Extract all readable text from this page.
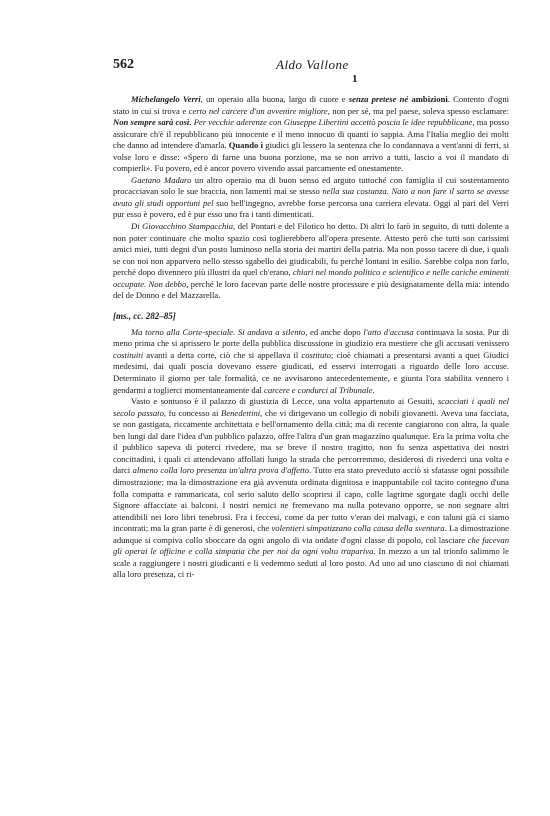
562	Aldo Vallone
1

Michelangelo Verri, un operaio alla buona, largo di cuore e senza pretese né ambizioni. Contento d'ogni stato in cui si trova e certo nel carcere d'un avvenire migliore, non per sé, ma pel paese, soleva spesso esclamare: Non sempre sarà così. Per vecchie aderenze con Giuseppe Libertini accettò poscia le idee repubblicane, ma posso assicurare ch'è il repubblicano più innocente e il meno innocuo di quanti io sappia. Ama l'Italia meglio dei molti che danno ad intendere d'amarla. Quando i giudici gli lessero la sentenza che lo condannava a vent'anni di ferri, si volse loro e disse: «Spero di farne una buona porzione, ma se non arrivo a tutti, lascio a voi il mandato di compierli». Fu povero, ed è ancor povero vivendo assai parcamente ed onestamente.

Gaetano Madaro un altro operaio ma di buon senso ed arguto tuttoché con famiglia il cui sostentamento procacciavan solo le sue braccia, non lamentì mai se stesso nella sua costanza. Nato a non fare il sarto se avesse avuto gli studi opportuni pel suo bell'ingegno, avrebbe forse percorsa una carriera elevata. Oggi al pari del Verri pur esso è povero, ed è pur esso uno fra i tanti dimenticati.

Di Giovacchino Stampacchia, del Pontari e del Filotico ho detto. Di altri lo farò in seguito, di tutti dolente a non poter continuare che molto spazio così toglierebbero all'opera presente. Attesto però che tutti son carissimi amici miei, tutti degni d'un posto luminoso nella storia dei martiri della patria. Ma non posso tacere di due, i quali se con noi non apparvero nello stesso sgabello dei giudicabili, fu perché lontani in esilio. Sarebbe colpa non farlo, perché dopo divennero più illustri da quel ch'erano, chiari nel mondo politico e scientifico e nelle cariche eminenti occupate. Non debbo, perché le loro facevan parte delle nostre processure e più designatamente della mia: intendo del de Donno e del Mazzarella.

[ms., cc. 282–85]

Ma torno alla Corte-speciale. Si andava a silento, ed anche dopo l'atto d'accusa continuava la sosta. Pur di meno prima che si aprissero le porte della pubblica discussione in giudizio era mestiere che gli accusati venissero costituiti avanti a detta corte, ciò che si appellava il costituto; cioè chiamati a presentarsi avanti a quei Giudici medesimi, dai quali poscia dovevano essere giudicati, ed esservi interrogati a riguardo delle loro accuse. Determinato il giorno per tale formalità, ce ne avvisarono antecedentemente, e giunta l'ora stabilita vennero i gendarmi a toglierci momentaneamente dal carcere e condurci al Tribunale.

Vasto e sontuoso è il palazzo di giustizia di Lecce, una volta appartenuto ai Gesuiti, scacciati i quali nel secolo passato, fu concesso ai Benedettini, che vi dirigevano un collegio di nobili giovanetti. Aveva una facciata, se non gastigata, riccamente architettata e bell'ornamento della città; ma di recente cangiarono con altra, la quale ben lungi dal dare l'idea d'un pubblico palazzo, offre l'altra d'un gran magazzino qualunque. Era la prima volta che il pubblico sapeva di poterci rivedere, ma se breve il nostro tragitto, non fu senza aspettativa dei nostri concittadini, i quali ci attendevano affollati lungo la strada che percorremmo, desiderosi di rivederci una volta e darci almeno colla loro presenza un'altra prova d'affetto. Tutto era stato preveduto acciò si sfatasse ogni possibile dimostrazione; ma la dimostrazione era già avvenuta ordinata dignitosa e inappuntabile col tacito contegno d'una folla compatta e rammaricata, col serio saluto dello scoprirsi il capo, colle lagrime sgorgate dagli occhi delle Signore affacciate ai balconi. I nostri nemici ne fremevano ma nulla potevano opporre, se non segnare altri attendibili nei loro libri tenebrosi. Fra i feccesi, come da per tutto v'eran dei malvagi, e con taluni già ci siamo incontrati; ma la gran parte è di generosi, che volentieri simpatizzano colla causa della sventura. La dimostrazione adunque si compiva collo sboccare da ogni angolo di via ondate d'ogni classe di popolo, col lasciare che facevan gli operai le officine e colla simpatia che per noi da ogni volto trapariva. In mezzo a un tal trionfo salimmo le scale a raggiungere i nostri giudicanti e li vedemmo seduti al loro posto. Ad uno ad uno ciascuno di noi chiamati alla loro presenza, ci ri-
